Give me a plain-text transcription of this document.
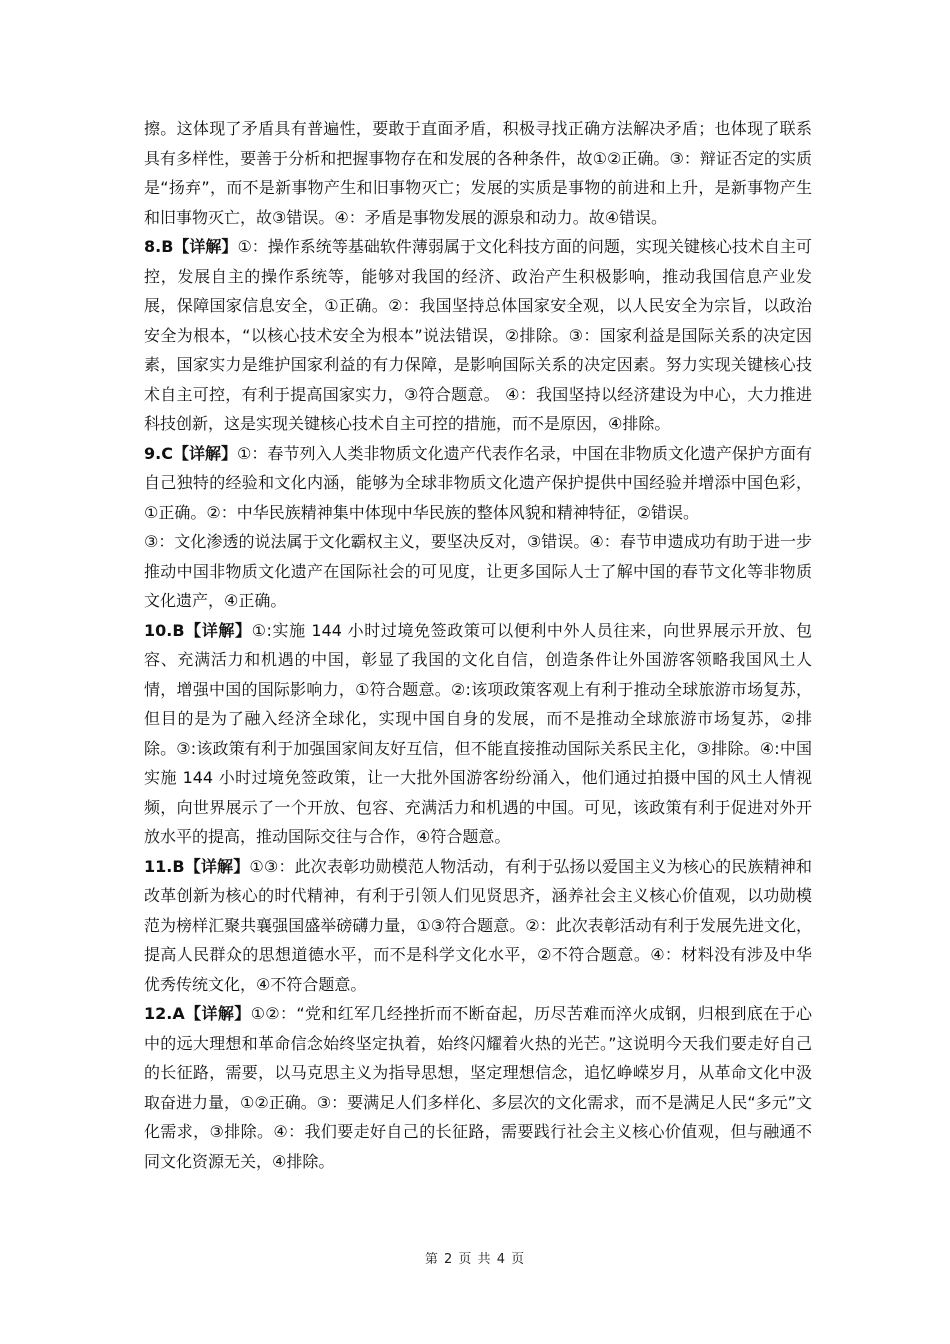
擦。这体现了矛盾具有普遍性，要敢于直面矛盾，积极寻找正确方法解决矛盾；也体现了联系具有多样性，要善于分析和把握事物存在和发展的各种条件，故①②正确。③：辩证否定的实质是“扬弃”，而不是新事物产生和旧事物灭亡；发展的实质是事物的前进和上升，是新事物产生和旧事物灭亡，故③错误。④：矛盾是事物发展的源泉和动力。故④错误。

8.B【详解】①：操作系统等基础软件薄弱属于文化科技方面的问题，实现关键核心技术自主可控，发展自主的操作系统等，能够对我国的经济、政治产生积极影响，推动我国信息产业发展，保障国家信息安全，①正确。②：我国坚持总体国家安全观，以人民安全为宗旨，以政治安全为根本，“以核心技术安全为根本”说法错误，②排除。③：国家利益是国际关系的决定因素，国家实力是维护国家利益的有力保障，是影响国际关系的决定因素。努力实现关键核心技术自主可控，有利于提高国家实力，③符合题意。 ④：我国坚持以经济建设为中心，大力推进科技创新，这是实现关键核心技术自主可控的措施，而不是原因，④排除。

9.C【详解】①：春节列入人类非物质文化遗产代表作名录，中国在非物质文化遗产保护方面有自己独特的经验和文化内涵，能够为全球非物质文化遗产保护提供中国经验并增添中国色彩，①正确。②：中华民族精神集中体现中华民族的整体风貌和精神特征，②错误。

③：文化渗透的说法属于文化霸权主义，要坚决反对，③错误。④：春节申遗成功有助于进一步推动中国非物质文化遗产在国际社会的可见度，让更多国际人士了解中国的春节文化等非物质文化遗产，④正确。

10.B【详解】①:实施 144 小时过境免签政策可以便利中外人员往来，向世界展示开放、包容、充满活力和机遇的中国，彰显了我国的文化自信，创造条件让外国游客领略我国风土人情，增强中国的国际影响力，①符合题意。②:该项政策客观上有利于推动全球旅游市场复苏，但目的是为了融入经济全球化，实现中国自身的发展，而不是推动全球旅游市场复苏，②排除。③:该政策有利于加强国家间友好互信，但不能直接推动国际关系民主化，③排除。④:中国实施 144 小时过境免签政策，让一大批外国游客纷纷涌入，他们通过拍摄中国的风土人情视频，向世界展示了一个开放、包容、充满活力和机遇的中国。可见，该政策有利于促进对外开放水平的提高，推动国际交往与合作，④符合题意。

11.B【详解】①③：此次表彰功勋模范人物活动，有利于弘扬以爱国主义为核心的民族精神和改革创新为核心的时代精神，有利于引领人们见贤思齐，涵养社会主义核心价值观，以功勋模范为榜样汇聚共襄强国盛举磅礴力量，①③符合题意。②：此次表彰活动有利于发展先进文化，提高人民群众的思想道德水平，而不是科学文化水平，②不符合题意。④：材料没有涉及中华优秀传统文化，④不符合题意。

12.A【详解】①②：“党和红军几经挫折而不断奋起，历尽苦难而淬火成钢，归根到底在于心中的远大理想和革命信念始终坚定执着，始终闪耀着火热的光芒。”这说明今天我们要走好自己的长征路，需要，以马克思主义为指导思想，坚定理想信念，追忆峥嵘岁月，从革命文化中汲取奋进力量，①②正确。③：要满足人们多样化、多层次的文化需求，而不是满足人民“多元”文化需求，③排除。④：我们要走好自己的长征路，需要践行社会主义核心价值观，但与融通不同文化资源无关，④排除。

第 2 页 共 4 页
